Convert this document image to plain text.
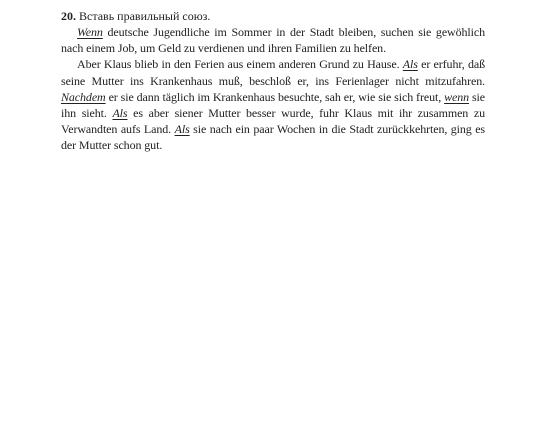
20. Вставь правильный союз.

Wenn deutsche Jugendliche im Sommer in der Stadt bleiben, suchen sie gewöhlich nach einem Job, um Geld zu verdienen und ihren Familien zu helfen.

Aber Klaus blieb in den Ferien aus einem anderen Grund zu Hause. Als er erfuhr, daß seine Mutter ins Krankenhaus muß, beschloß er, ins Ferienlager nicht mitzufahren. Nachdem er sie dann täglich im Krankenhaus besuchte, sah er, wie sie sich freut, wenn sie ihn sieht. Als es aber siener Mutter besser wurde, fuhr Klaus mit ihr zusammen zu Verwandten aufs Land. Als sie nach ein paar Wochen in die Stadt zurückkehrten, ging es der Mutter schon gut.
